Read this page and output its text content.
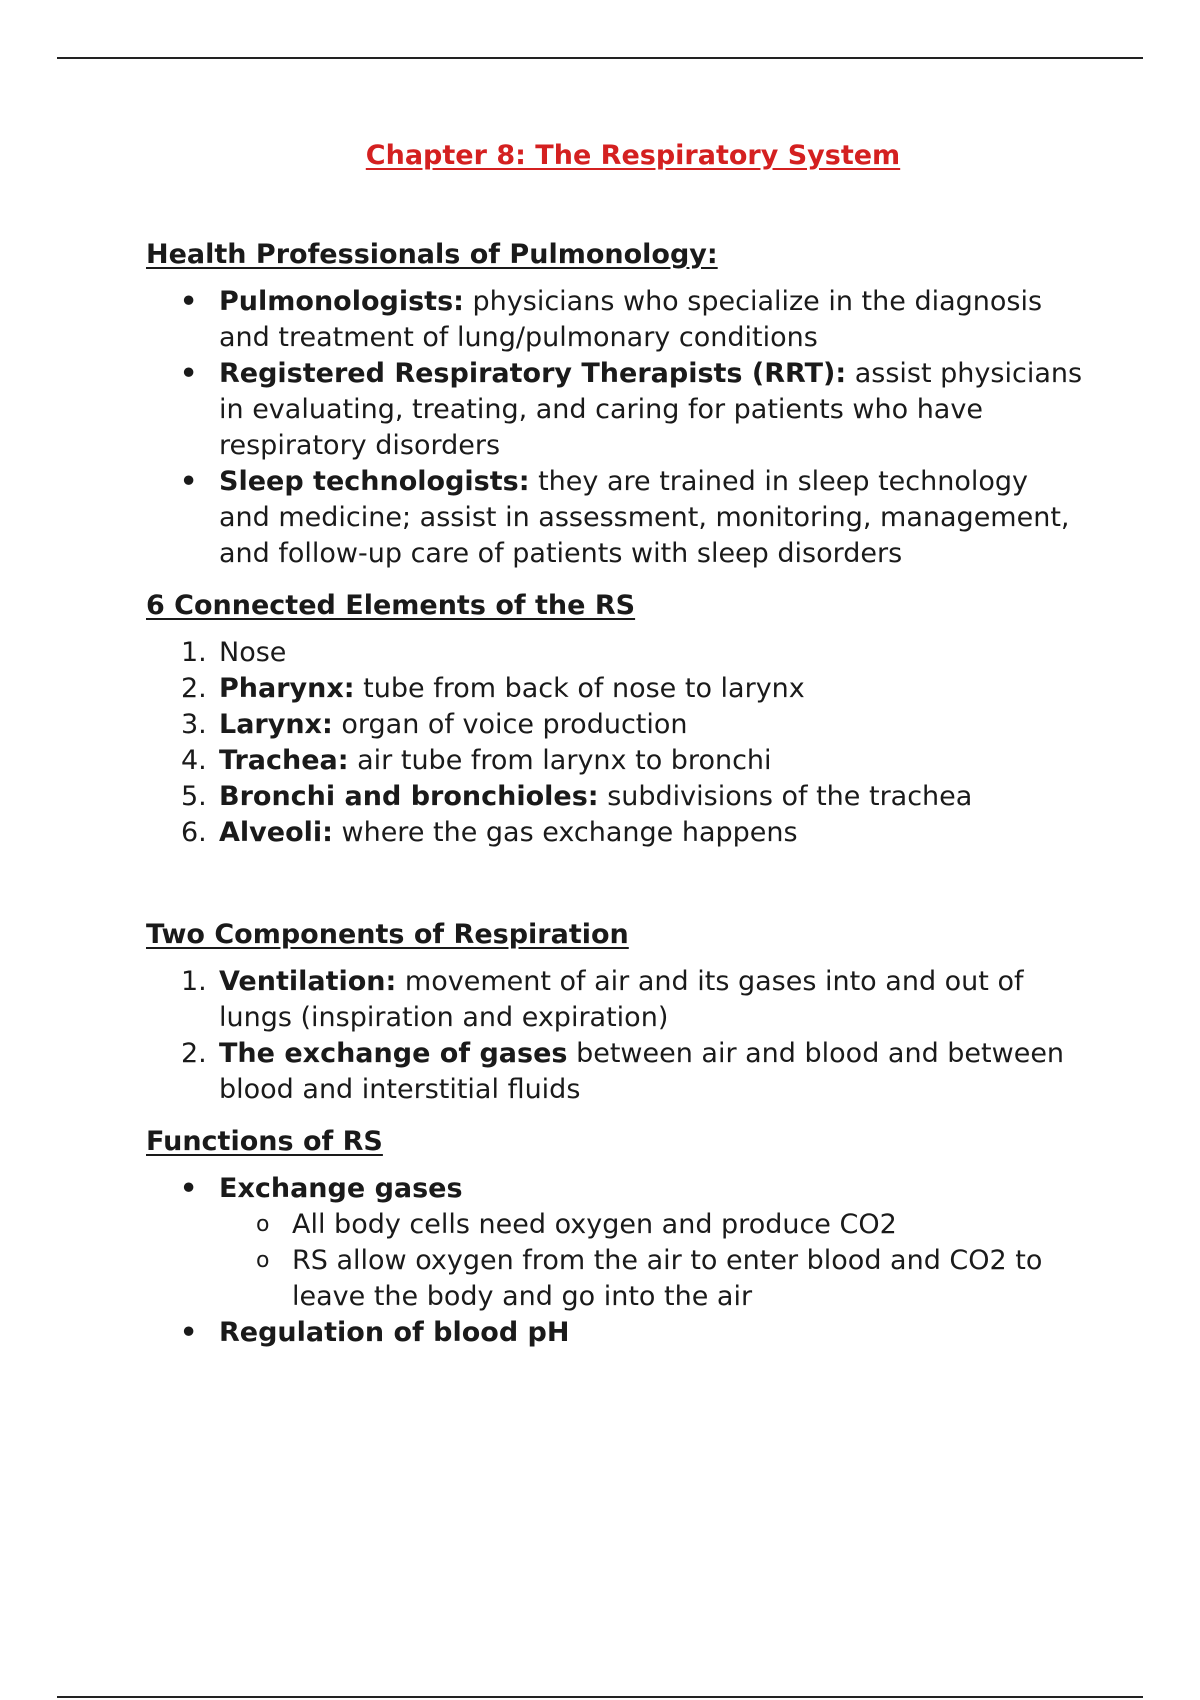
Chapter 8: The Respiratory System
Health Professionals of Pulmonology:
• Pulmonologists: physicians who specialize in the diagnosis and treatment of lung/pulmonary conditions
• Registered Respiratory Therapists (RRT): assist physicians in evaluating, treating, and caring for patients who have respiratory disorders
• Sleep technologists: they are trained in sleep technology and medicine; assist in assessment, monitoring, management, and follow-up care of patients with sleep disorders
6 Connected Elements of the RS
1. Nose
2. Pharynx: tube from back of nose to larynx
3. Larynx: organ of voice production
4. Trachea: air tube from larynx to bronchi
5. Bronchi and bronchioles: subdivisions of the trachea
6. Alveoli: where the gas exchange happens
Two Components of Respiration
1. Ventilation: movement of air and its gases into and out of lungs (inspiration and expiration)
2. The exchange of gases between air and blood and between blood and interstitial fluids
Functions of RS
• Exchange gases
o All body cells need oxygen and produce CO2
o RS allow oxygen from the air to enter blood and CO2 to leave the body and go into the air
• Regulation of blood pH
